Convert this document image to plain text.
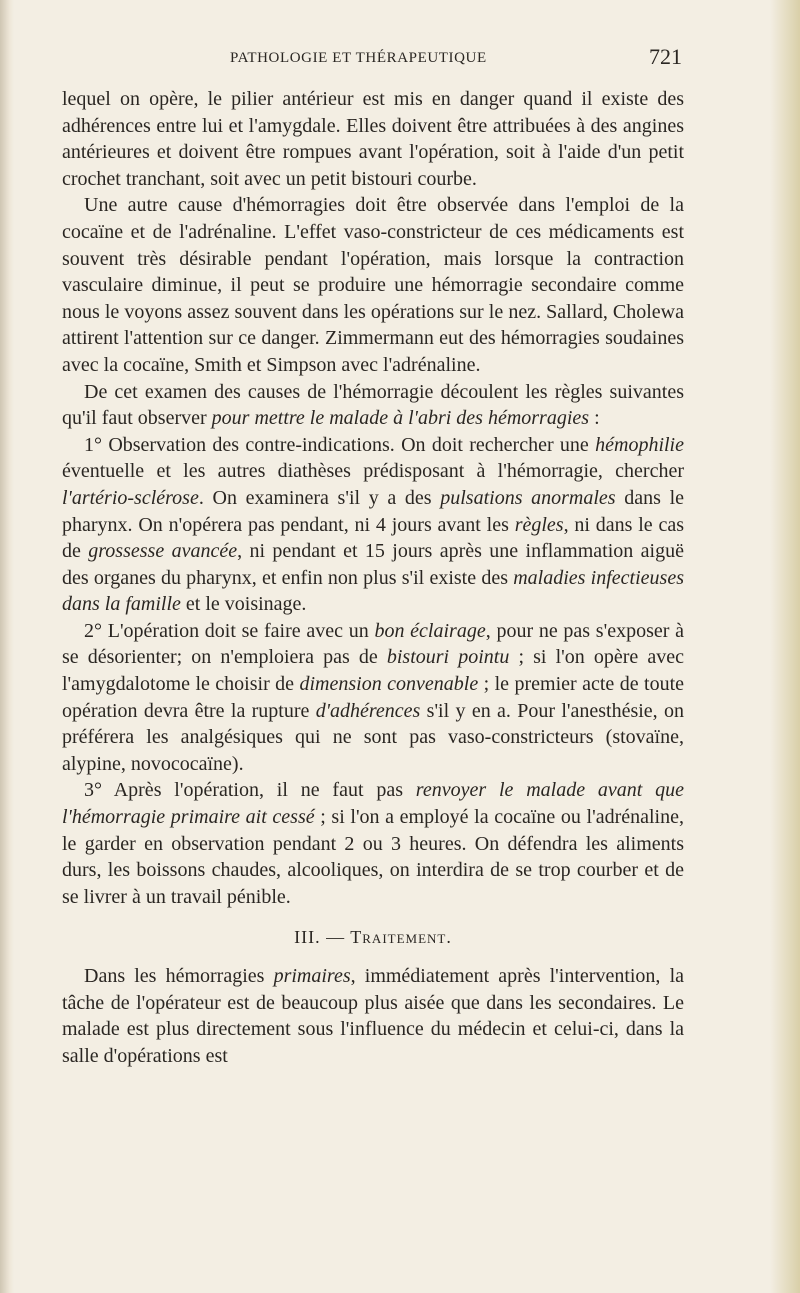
PATHOLOGIE ET THÉRAPEUTIQUE	721

lequel on opère, le pilier antérieur est mis en danger quand il existe des adhérences entre lui et l'amygdale. Elles doivent être attribuées à des angines antérieures et doivent être rompues avant l'opération, soit à l'aide d'un petit crochet tranchant, soit avec un petit bistouri courbe.

Une autre cause d'hémorragies doit être observée dans l'emploi de la cocaïne et de l'adrénaline. L'effet vaso-constricteur de ces médicaments est souvent très désirable pendant l'opération, mais lorsque la contraction vasculaire diminue, il peut se produire une hémorragie secondaire comme nous le voyons assez souvent dans les opérations sur le nez. Sallard, Cholewa attirent l'attention sur ce danger. Zimmermann eut des hémorragies soudaines avec la cocaïne, Smith et Simpson avec l'adrénaline.

De cet examen des causes de l'hémorragie découlent les règles suivantes qu'il faut observer pour mettre le malade à l'abri des hémorragies :

1° Observation des contre-indications. On doit rechercher une hémophilie éventuelle et les autres diathèses prédisposant à l'hémorragie, chercher l'artério-sclérose. On examinera s'il y a des pulsations anormales dans le pharynx. On n'opérera pas pendant, ni 4 jours avant les règles, ni dans le cas de grossesse avancée, ni pendant et 15 jours après une inflammation aiguë des organes du pharynx, et enfin non plus s'il existe des maladies infectieuses dans la famille et le voisinage.

2° L'opération doit se faire avec un bon éclairage, pour ne pas s'exposer à se désorienter; on n'emploiera pas de bistouri pointu ; si l'on opère avec l'amygdalotome le choisir de dimension convenable ; le premier acte de toute opération devra être la rupture d'adhérences s'il y en a. Pour l'anesthésie, on préférera les analgésiques qui ne sont pas vaso-constricteurs (stovaïne, alypine, novococaïne).

3° Après l'opération, il ne faut pas renvoyer le malade avant que l'hémorragie primaire ait cessé ; si l'on a employé la cocaïne ou l'adrénaline, le garder en observation pendant 2 ou 3 heures. On défendra les aliments durs, les boissons chaudes, alcooliques, on interdira de se trop courber et de se livrer à un travail pénible.

III. — Traitement.

Dans les hémorragies primaires, immédiatement après l'intervention, la tâche de l'opérateur est de beaucoup plus aisée que dans les secondaires. Le malade est plus directement sous l'influence du médecin et celui-ci, dans la salle d'opérations est
